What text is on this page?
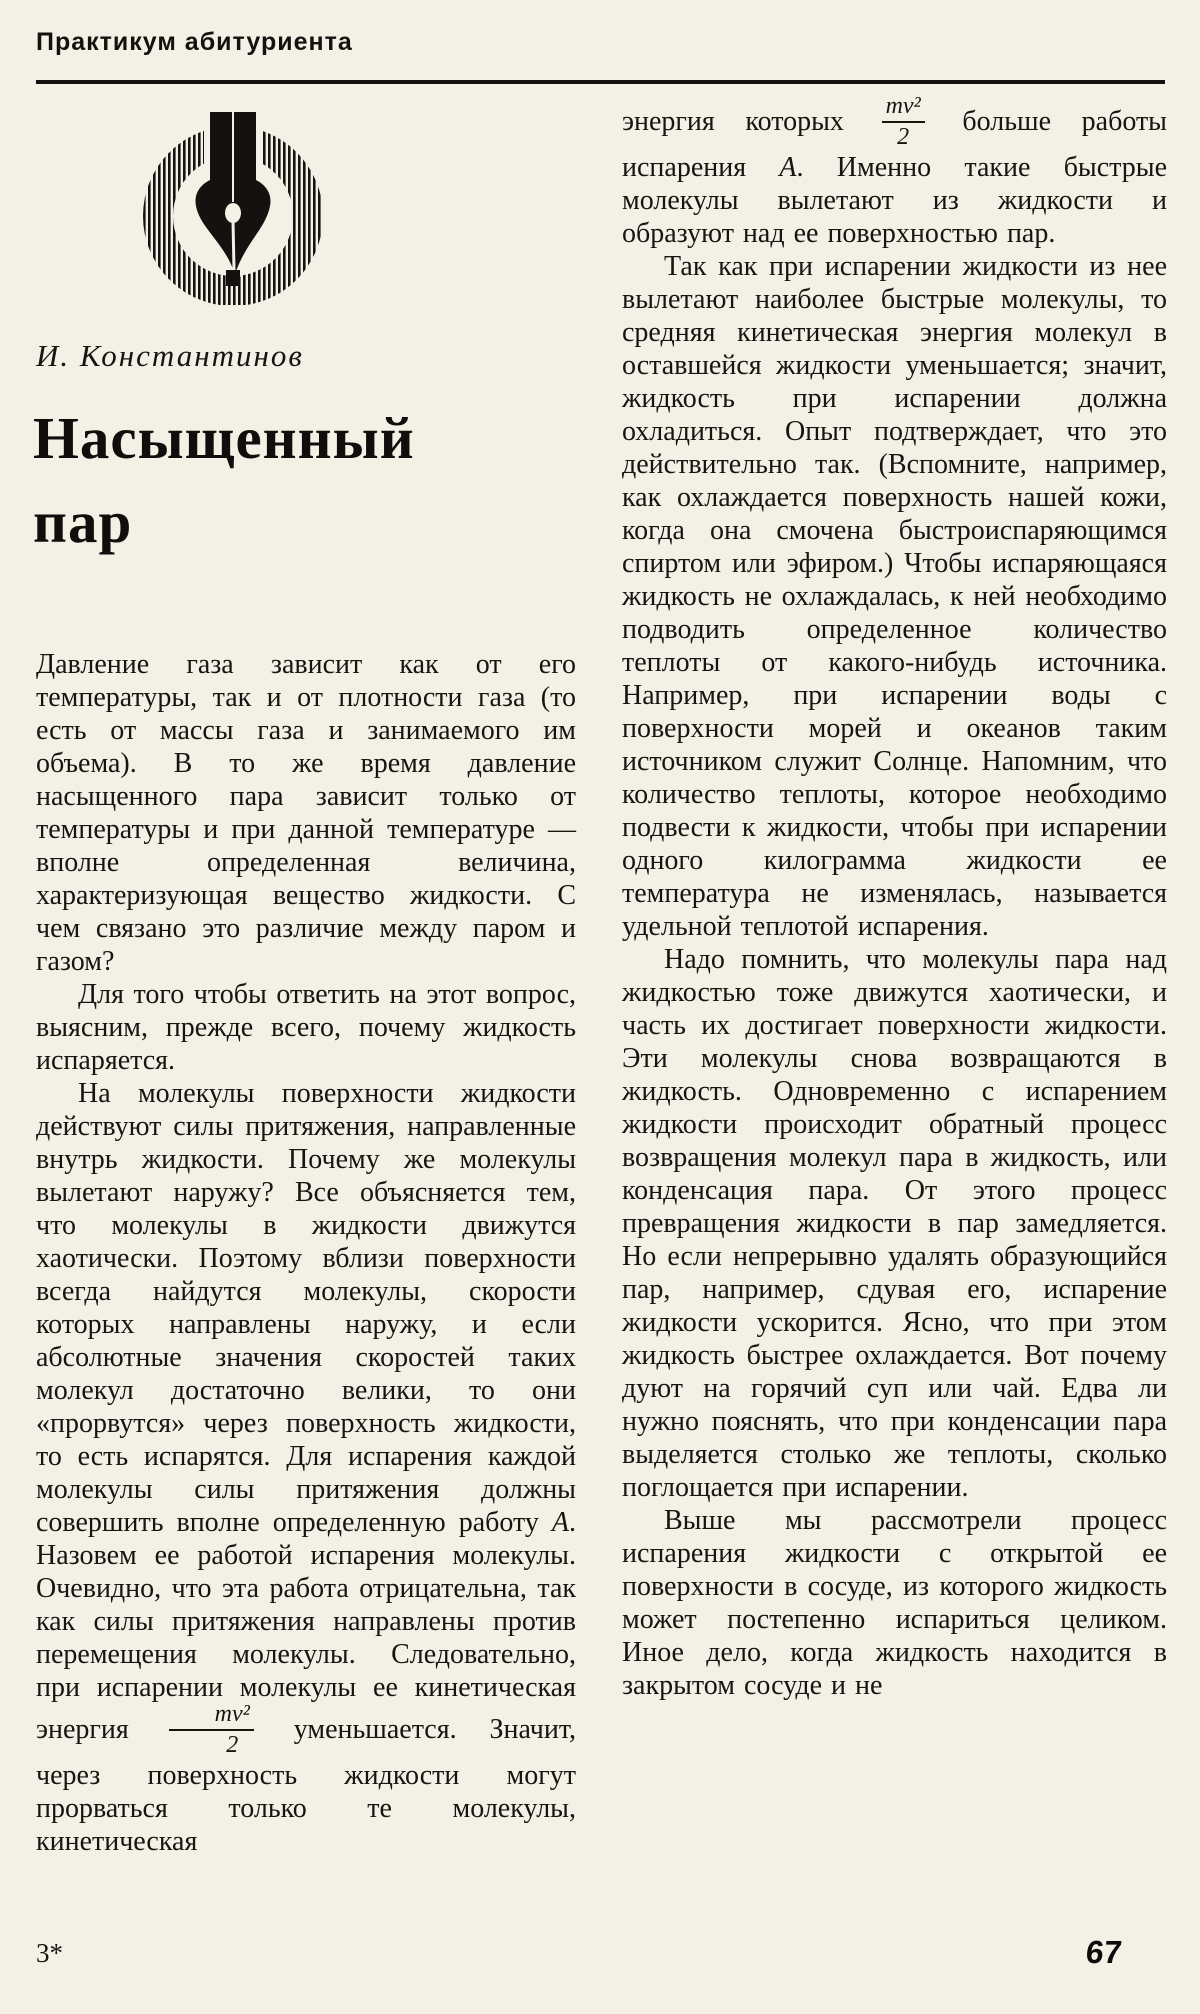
Практикум абитуриента
И. Константинов
Насыщенный
пар

Давление газа зависит как от его температуры, так и от плотности газа (то есть от массы газа и занимаемого им объема). В то же время давление насыщенного пара зависит только от температуры и при данной температуре — вполне определенная величина, характеризующая вещество жидкости. С чем связано это различие между паром и газом?

Для того чтобы ответить на этот вопрос, выясним, прежде всего, почему жидкость испаряется.

На молекулы поверхности жидкости действуют силы притяжения, направленные внутрь жидкости. Почему же молекулы вылетают наружу? Все объясняется тем, что молекулы в жидкости движутся хаотически. Поэтому вблизи поверхности всегда найдутся молекулы, скорости которых направлены наружу, и если абсолютные значения скоростей таких молекул достаточно велики, то они «прорвутся» через поверхность жидкости, то есть испарятся. Для испарения каждой молекулы силы притяжения должны совершить вполне определенную работу А. Назовем ее работой испарения молекулы. Очевидно, что эта работа отрицательна, так как силы притяжения направлены против перемещения молекулы. Следовательно, при испарении молекулы ее кинетическая энергия $\frac{\text{mv²}}{2}$ уменьшается. Значит, через поверхность жидкости могут прорваться только те молекулы, кинетическая

энергия которых $\frac{\text{mv²}}{2}$ больше работы испарения А. Именно такие быстрые молекулы вылетают из жидкости и образуют над ее поверхностью пар.

Так как при испарении жидкости из нее вылетают наиболее быстрые молекулы, то средняя кинетическая энергия молекул в оставшейся жидкости уменьшается; значит, жидкость при испарении должна охладиться. Опыт подтверждает, что это действительно так. (Вспомните, например, как охлаждается поверхность нашей кожи, когда она смочена быстроиспаряющимся спиртом или эфиром.) Чтобы испаряющаяся жидкость не охлаждалась, к ней необходимо подводить определенное количество теплоты от какого-нибудь источника. Например, при испарении воды с поверхности морей и океанов таким источником служит Солнце. Напомним, что количество теплоты, которое необходимо подвести к жидкости, чтобы при испарении одного килограмма жидкости ее температура не изменялась, называется удельной теплотой испарения.

Надо помнить, что молекулы пара над жидкостью тоже движутся хаотически, и часть их достигает поверхности жидкости. Эти молекулы снова возвращаются в жидкость. Одновременно с испарением жидкости происходит обратный процесс возвращения молекул пара в жидкость, или конденсация пара. От этого процесс превращения жидкости в пар замедляется. Но если непрерывно удалять образующийся пар, например, сдувая его, испарение жидкости ускорится. Ясно, что при этом жидкость быстрее охлаждается. Вот почему дуют на горячий суп или чай. Едва ли нужно пояснять, что при конденсации пара выделяется столько же теплоты, сколько поглощается при испарении.

Выше мы рассмотрели процесс испарения жидкости с открытой ее поверхности в сосуде, из которого жидкость может постепенно испариться целиком. Иное дело, когда жидкость находится в закрытом сосуде и не

3*	67
